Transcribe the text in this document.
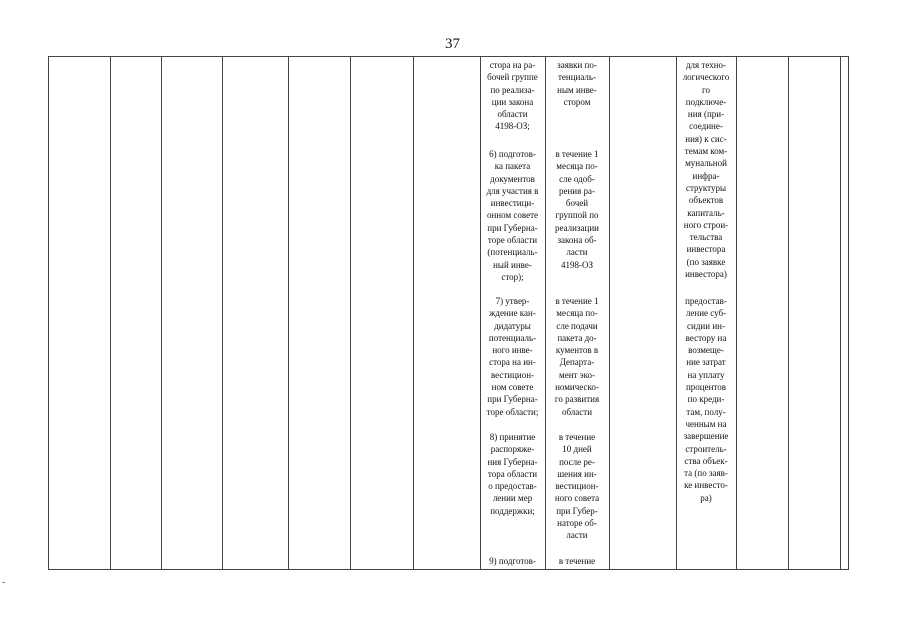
37

стора на ра-

бочей группе

по реализа-

ции закона

области

4198-ОЗ;

6) подготов-

ка пакета

документов

для участия в

инвестици-

онном совете

при Губерна-

торе области

(потенциаль-

ный инве-

стор);

7) утвер-

ждение кан-

дидатуры

потенциаль-

ного инве-

стора на ин-

вестицион-

ном совете

при Губерна-

торе области;

8) принятие

распоряже-

ния Губерна-

тора области

о предостав-

лении мер

поддержки;

9) подготов-

заявки по-

тенциаль-

ным инве-

стором

в течение 1

месяца по-

сле одоб-

рения ра-

бочей

группой по

реализации

закона об-

ласти

4198-ОЗ

в течение 1

месяца по-

сле подачи

пакета до-

кументов в

Департа-

мент эко-

номическо-

го развития

области

в течение

10 дней

после ре-

шения ин-

вестицион-

ного совета

при Губер-

наторе об-

ласти

в течение

для техно-

логического

го

подключе-

ния (при-

соедине-

ния) к сис-

темам ком-

мунальной

инфра-

структуры

объектов

капиталь-

ного строи-

тельства

инвестора

(по заявке

инвестора)

предостав-

ление суб-

сидии ин-

вестору на

возмеще-

ние затрат

на уплату

процентов

по креди-

там, полу-

ченным на

завершение

строитель-

ства объек-

та (по заяв-

ке инвесто-

ра)
